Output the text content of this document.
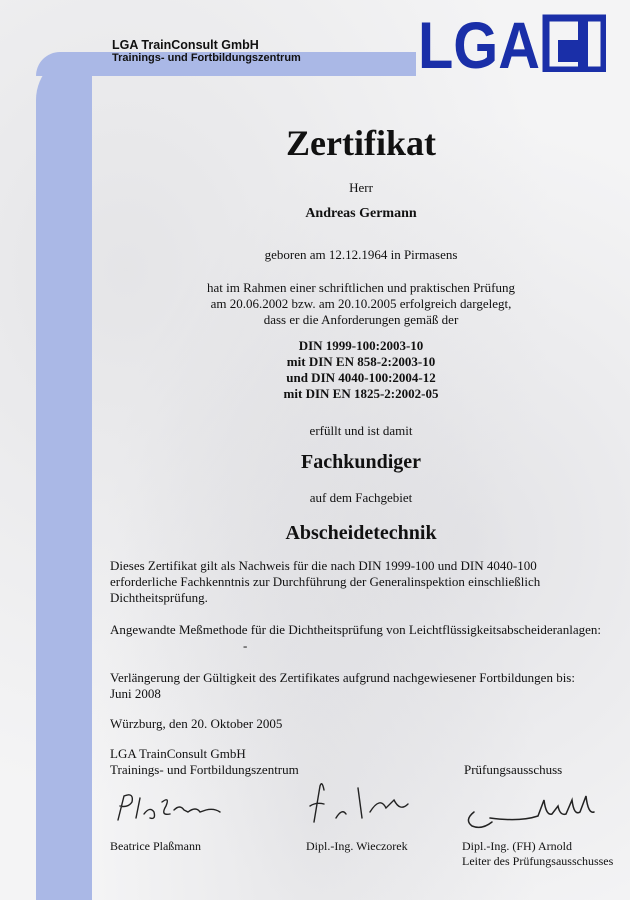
LGA TrainConsult GmbH
Trainings- und Fortbildungszentrum LGA
Zertifikat
Herr
Andreas Germann
geboren am 12.12.1964 in Pirmasens
hat im Rahmen einer schriftlichen und praktischen Prüfung
am 20.06.2002 bzw. am 20.10.2005 erfolgreich dargelegt,
dass er die Anforderungen gemäß der
DIN 1999-100:2003-10
mit DIN EN 858-2:2003-10
und DIN 4040-100:2004-12
mit DIN EN 1825-2:2002-05
erfüllt und ist damit
Fachkundiger
auf dem Fachgebiet
Abscheidetechnik
Dieses Zertifikat gilt als Nachweis für die nach DIN 1999-100 und DIN 4040-100
erforderliche Fachkenntnis zur Durchführung der Generalinspektion einschließlich
Dichtheitsprüfung.
Angewandte Meßmethode für die Dichtheitsprüfung von Leichtflüssigkeitsabscheideranlagen:
-
Verlängerung der Gültigkeit des Zertifikates aufgrund nachgewiesener Fortbildungen bis:
Juni 2008
Würzburg, den 20. Oktober 2005
LGA TrainConsult GmbH
Trainings- und Fortbildungszentrum	Prüfungsausschuss
Beatrice Plaßmann	Dipl.-Ing. Wieczorek	Dipl.-Ing. (FH) Arnold
Leiter des Prüfungsausschusses
